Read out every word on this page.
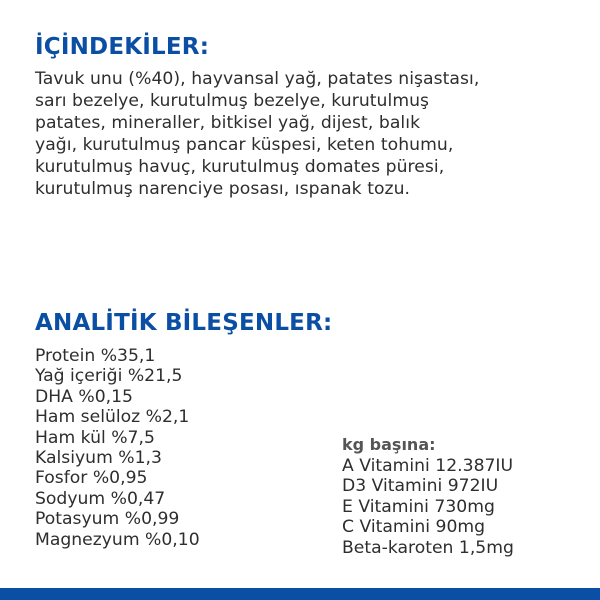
İÇİNDEKİLER:

Tavuk unu (%40), hayvansal yağ, patates nişastası,
sarı bezelye, kurutulmuş bezelye, kurutulmuş
patates, mineraller, bitkisel yağ, dijest, balık
yağı, kurutulmuş pancar küspesi, keten tohumu,
kurutulmuş havuç, kurutulmuş domates püresi,
kurutulmuş narenciye posası, ıspanak tozu.

ANALİTİK BİLEŞENLER:
Protein %35,1
Yağ içeriği %21,5
DHA %0,15
Ham selüloz %2,1
Ham kül %7,5
Kalsiyum %1,3
Fosfor %0,95
Sodyum %0,47
Potasyum %0,99
Magnezyum %0,10

kg başına:

A Vitamini 12.387IU
D3 Vitamini 972IU
E Vitamini 730mg
C Vitamini 90mg
Beta-karoten 1,5mg
